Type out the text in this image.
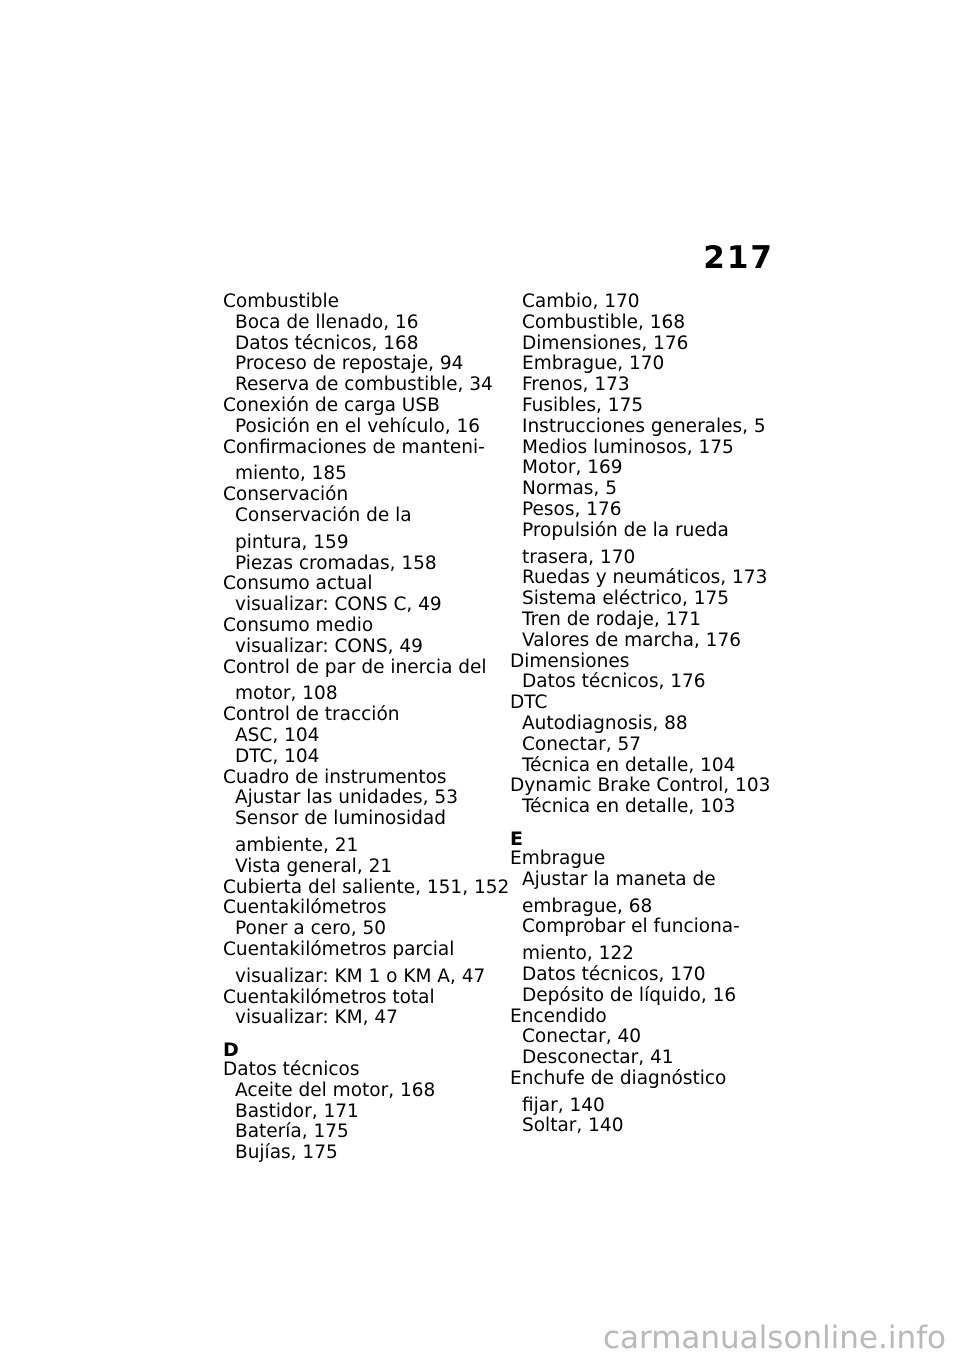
217
Combustible
Boca de llenado, 16
Datos técnicos, 168
Proceso de repostaje, 94
Reserva de combustible, 34
Conexión de carga USB
Posición en el vehículo, 16
Confirmaciones de manteni-
miento, 185
Conservación
Conservación de la
pintura, 159
Piezas cromadas, 158
Consumo actual
visualizar: CONS C, 49
Consumo medio
visualizar: CONS, 49
Control de par de inercia del
motor, 108
Control de tracción
ASC, 104
DTC, 104
Cuadro de instrumentos
Ajustar las unidades, 53
Sensor de luminosidad
ambiente, 21
Vista general, 21
Cubierta del saliente, 151, 152
Cuentakilómetros
Poner a cero, 50
Cuentakilómetros parcial
visualizar: KM 1 o KM A, 47
Cuentakilómetros total
visualizar: KM, 47
D
Datos técnicos
Aceite del motor, 168
Bastidor, 171
Batería, 175
Bujías, 175
Cambio, 170
Combustible, 168
Dimensiones, 176
Embrague, 170
Frenos, 173
Fusibles, 175
Instrucciones generales, 5
Medios luminosos, 175
Motor, 169
Normas, 5
Pesos, 176
Propulsión de la rueda
trasera, 170
Ruedas y neumáticos, 173
Sistema eléctrico, 175
Tren de rodaje, 171
Valores de marcha, 176
Dimensiones
Datos técnicos, 176
DTC
Autodiagnosis, 88
Conectar, 57
Técnica en detalle, 104
Dynamic Brake Control, 103
Técnica en detalle, 103
E
Embrague
Ajustar la maneta de
embrague, 68
Comprobar el funciona-
miento, 122
Datos técnicos, 170
Depósito de líquido, 16
Encendido
Conectar, 40
Desconectar, 41
Enchufe de diagnóstico
fijar, 140
Soltar, 140
carmanualsonline.info
